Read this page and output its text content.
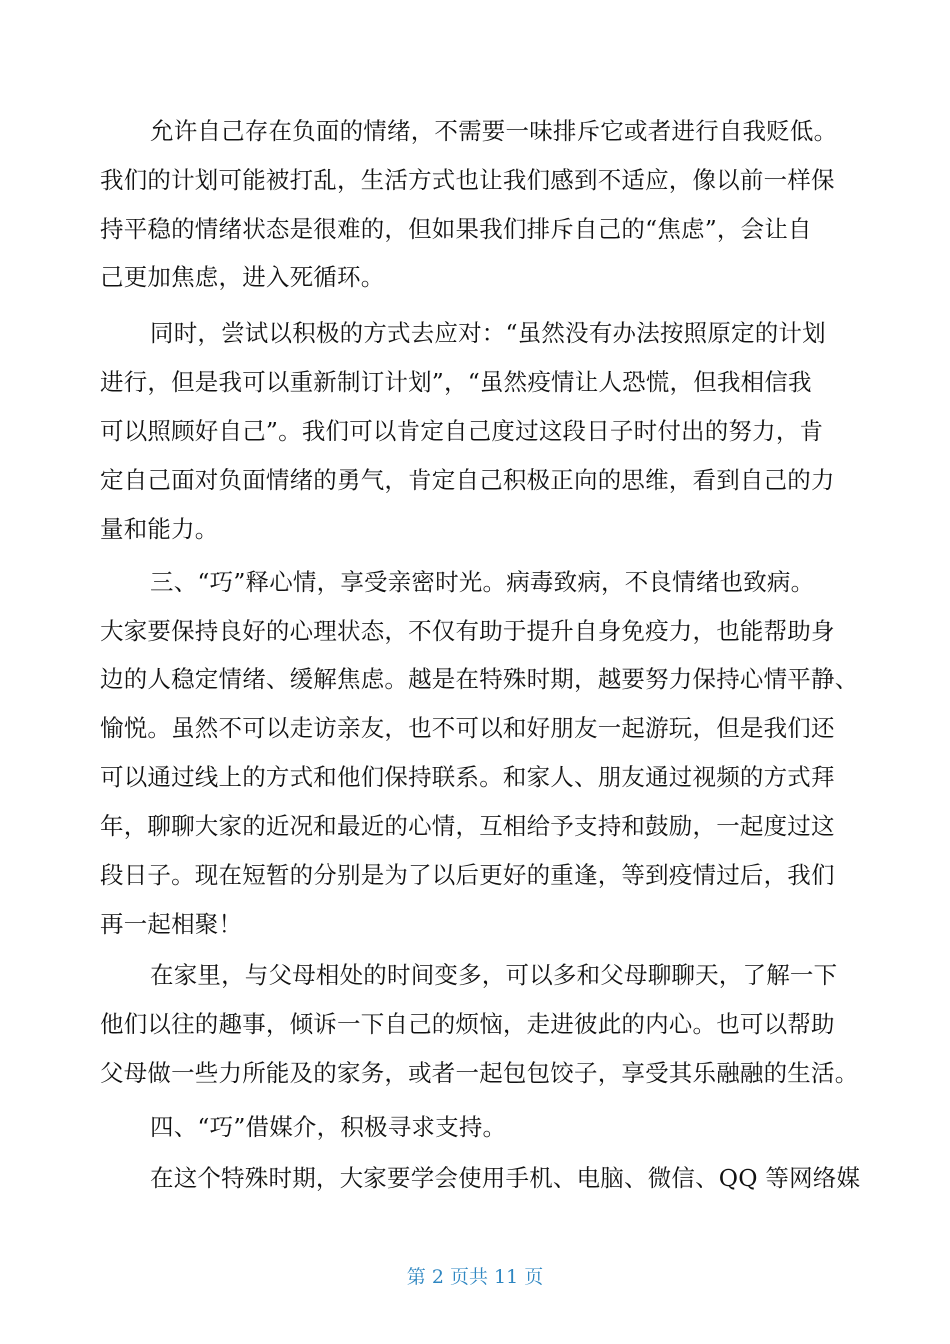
允许自己存在负面的情绪，不需要一味排斥它或者进行自我贬低。
我们的计划可能被打乱，生活方式也让我们感到不适应，像以前一样保
持平稳的情绪状态是很难的，但如果我们排斥自己的“焦虑”，会让自
己更加焦虑，进入死循环。
同时，尝试以积极的方式去应对：“虽然没有办法按照原定的计划
进行，但是我可以重新制订计划”，“虽然疫情让人恐慌，但我相信我
可以照顾好自己”。我们可以肯定自己度过这段日子时付出的努力，肯
定自己面对负面情绪的勇气，肯定自己积极正向的思维，看到自己的力
量和能力。
三、“巧”释心情，享受亲密时光。病毒致病，不良情绪也致病。
大家要保持良好的心理状态，不仅有助于提升自身免疫力，也能帮助身
边的人稳定情绪、缓解焦虑。越是在特殊时期，越要努力保持心情平静、
愉悦。虽然不可以走访亲友，也不可以和好朋友一起游玩，但是我们还
可以通过线上的方式和他们保持联系。和家人、朋友通过视频的方式拜
年，聊聊大家的近况和最近的心情，互相给予支持和鼓励，一起度过这
段日子。现在短暂的分别是为了以后更好的重逢，等到疫情过后，我们
再一起相聚！
在家里，与父母相处的时间变多，可以多和父母聊聊天，了解一下
他们以往的趣事，倾诉一下自己的烦恼，走进彼此的内心。也可以帮助
父母做一些力所能及的家务，或者一起包包饺子，享受其乐融融的生活。
四、“巧”借媒介，积极寻求支持。
在这个特殊时期，大家要学会使用手机、电脑、微信、QQ 等网络媒
第 2 页共 11 页
